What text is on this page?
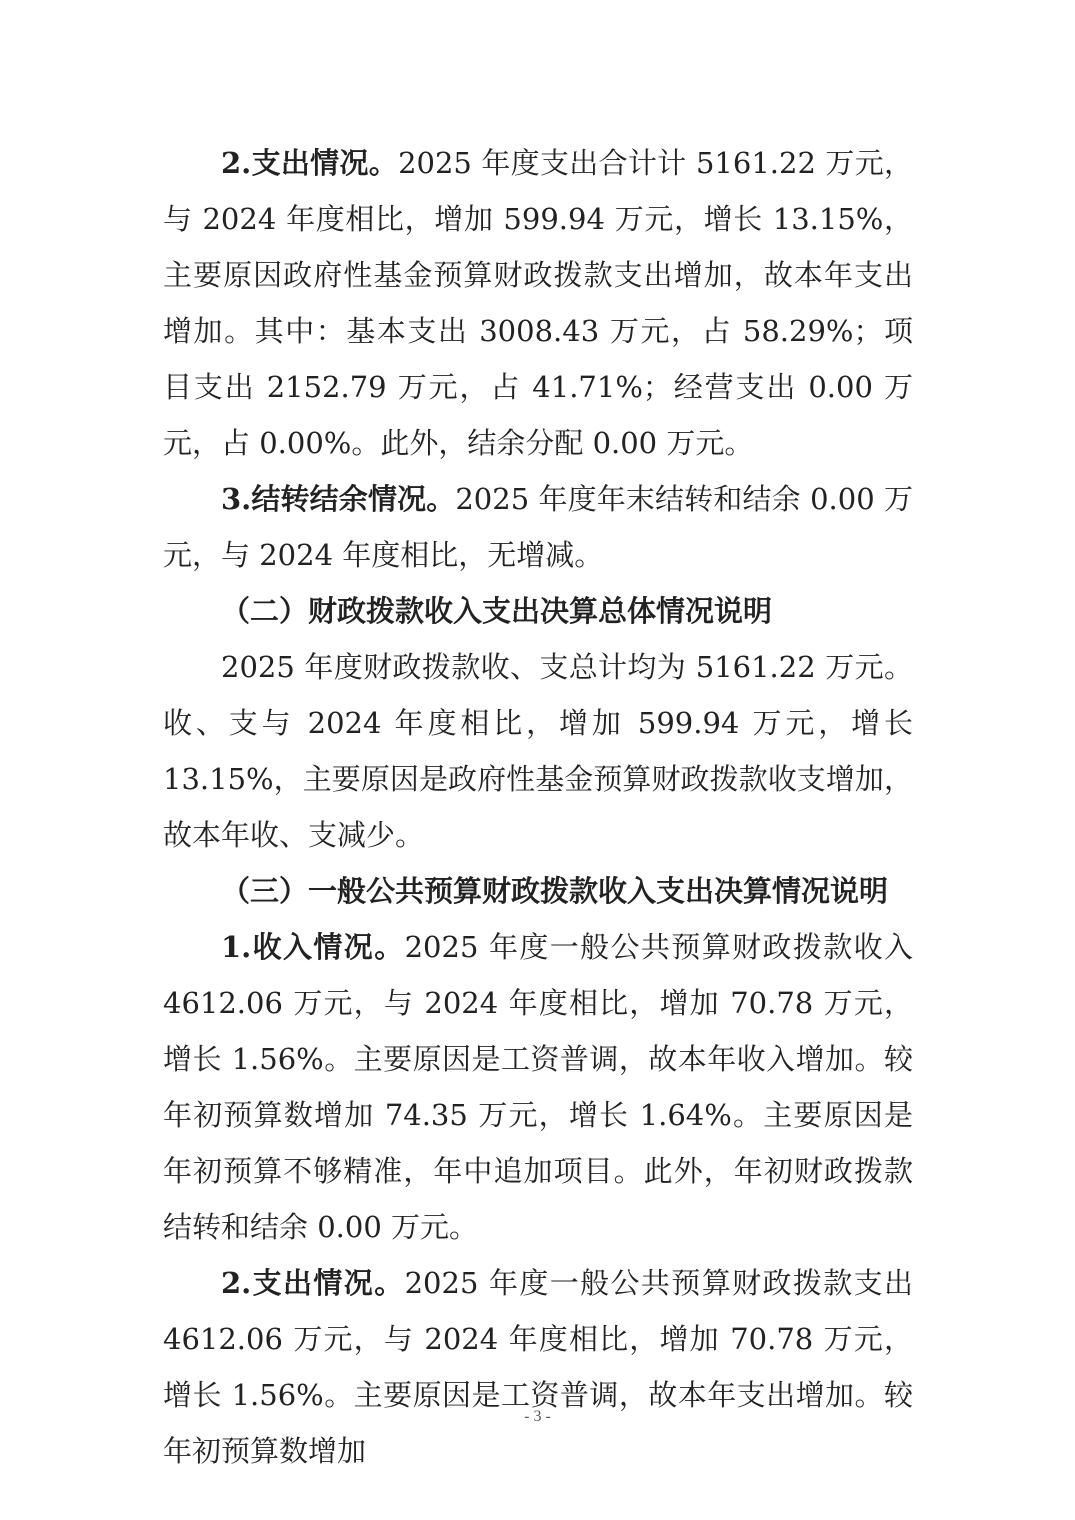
2.支出情况。2025 年度支出合计计 5161.22 万元，与 2024 年度相比，增加 599.94 万元，增长 13.15%，主要原因政府性基金预算财政拨款支出增加，故本年支出增加。其中：基本支出 3008.43 万元，占 58.29%；项目支出 2152.79 万元，占 41.71%；经营支出 0.00 万元，占 0.00%。此外，结余分配 0.00 万元。

3.结转结余情况。2025 年度年末结转和结余 0.00 万元，与 2024 年度相比，无增减。

（二）财政拨款收入支出决算总体情况说明

2025 年度财政拨款收、支总计均为 5161.22 万元。收、支与 2024 年度相比，增加 599.94 万元，增长 13.15%，主要原因是政府性基金预算财政拨款收支增加，故本年收、支减少。

（三）一般公共预算财政拨款收入支出决算情况说明

1.收入情况。2025 年度一般公共预算财政拨款收入 4612.06 万元，与 2024 年度相比，增加 70.78 万元，增长 1.56%。主要原因是工资普调，故本年收入增加。较年初预算数增加 74.35 万元，增长 1.64%。主要原因是年初预算不够精准，年中追加项目。此外，年初财政拨款结转和结余 0.00 万元。

2.支出情况。2025 年度一般公共预算财政拨款支出 4612.06 万元，与 2024 年度相比，增加 70.78 万元，增长 1.56%。主要原因是工资普调，故本年支出增加。较年初预算数增加

- 3 -
